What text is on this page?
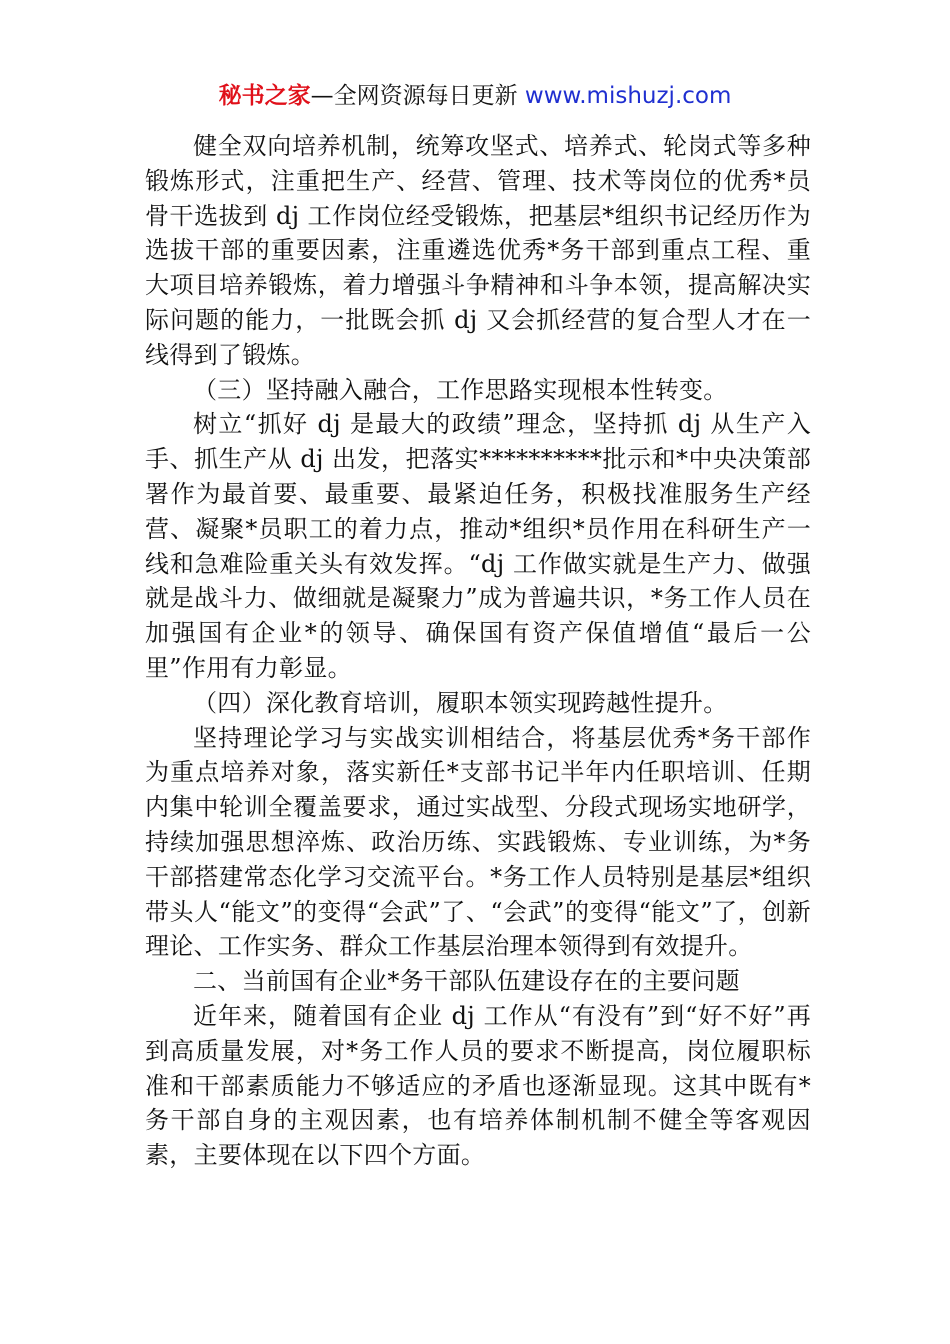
秘书之家—全网资源每日更新 www.mishuzj.com

健全双向培养机制，统筹攻坚式、培养式、轮岗式等多种锻炼形式，注重把生产、经营、管理、技术等岗位的优秀*员骨干选拔到 dj 工作岗位经受锻炼，把基层*组织书记经历作为选拔干部的重要因素，注重遴选优秀*务干部到重点工程、重大项目培养锻炼，着力增强斗争精神和斗争本领，提高解决实际问题的能力，一批既会抓 dj 又会抓经营的复合型人才在一线得到了锻炼。

（三）坚持融入融合，工作思路实现根本性转变。

树立“抓好 dj 是最大的政绩”理念，坚持抓 dj 从生产入手、抓生产从 dj 出发，把落实**********批示和*中央决策部署作为最首要、最重要、最紧迫任务，积极找准服务生产经营、凝聚*员职工的着力点，推动*组织*员作用在科研生产一线和急难险重关头有效发挥。“dj 工作做实就是生产力、做强就是战斗力、做细就是凝聚力”成为普遍共识，*务工作人员在加强国有企业*的领导、确保国有资产保值增值“最后一公里”作用有力彰显。

（四）深化教育培训，履职本领实现跨越性提升。

坚持理论学习与实战实训相结合，将基层优秀*务干部作为重点培养对象，落实新任*支部书记半年内任职培训、任期内集中轮训全覆盖要求，通过实战型、分段式现场实地研学，持续加强思想淬炼、政治历练、实践锻炼、专业训练，为*务干部搭建常态化学习交流平台。*务工作人员特别是基层*组织带头人“能文”的变得“会武”了、“会武”的变得“能文”了，创新理论、工作实务、群众工作基层治理本领得到有效提升。

二、当前国有企业*务干部队伍建设存在的主要问题

近年来，随着国有企业 dj 工作从“有没有”到“好不好”再到高质量发展，对*务工作人员的要求不断提高，岗位履职标准和干部素质能力不够适应的矛盾也逐渐显现。这其中既有*务干部自身的主观因素，也有培养体制机制不健全等客观因素，主要体现在以下四个方面。
